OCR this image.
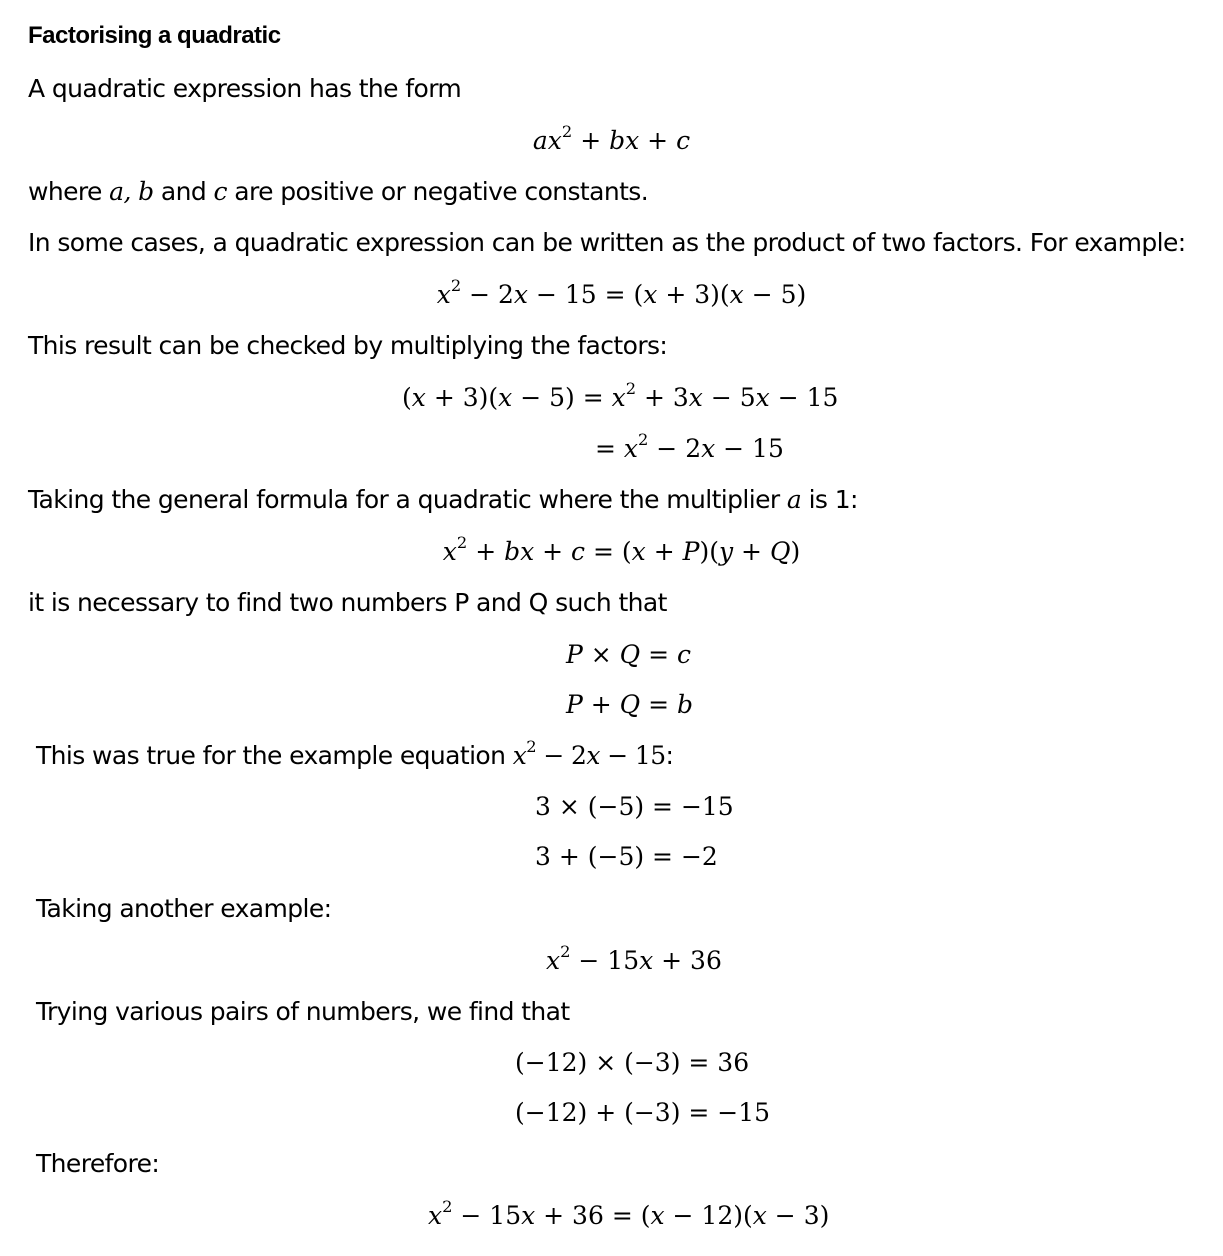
Factorising a quadratic
A quadratic expression has the form
$ax^2$ + bx + c
where a, b and c are positive or negative constants.
In some cases, a quadratic expression can be written as the product of two factors. For example:
$x^2 - 2x - 15 = (x + 3)(x - 5)$
This result can be checked by multiplying the factors:
$(x + 3)(x - 5) = x^2 + 3x - 5x - 15$
= $x^2 - 2x - 15$
Taking the general formula for a quadratic where the multiplier a is 1:
$x^2$ + bx + c = (x + P)(y + Q)
it is necessary to find two numbers P and Q such that
P × Q = c
P + Q = b
This was true for the example equation $x^2 - 2x - 15$:
3 × (−5) = −15
3 + (−5) = −2
Taking another example:
$x^2 - 15x + 36$
Trying various pairs of numbers, we find that
(−12) × (−3) = 36
(−12) + (−3) = −15
Therefore:
$x^2 - 15x + 36 = (x - 12)(x - 3)$
